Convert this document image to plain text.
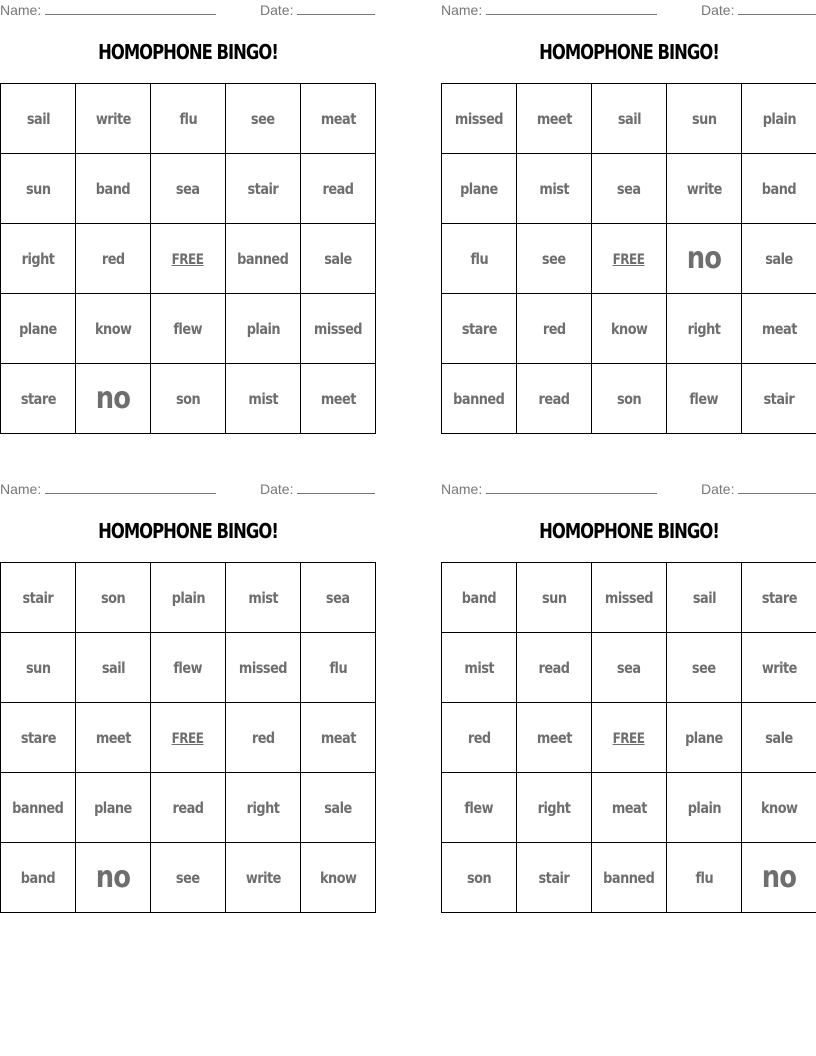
Name:	Date:
HOMOPHONE BINGO!
sail	write	flu	see	meat
sun	band	sea	stair	read
right	red	FREE	banned	sale
plane	know	flew	plain	missed
stare	no	son	mist	meet
Name:	Date:
HOMOPHONE BINGO!
missed	meet	sail	sun	plain
plane	mist	sea	write	band
flu	see	FREE	no	sale
stare	red	know	right	meat
banned	read	son	flew	stair
Name:	Date:
HOMOPHONE BINGO!
stair	son	plain	mist	sea
sun	sail	flew	missed	flu
stare	meet	FREE	red	meat
banned	plane	read	right	sale
band	no	see	write	know
Name:	Date:
HOMOPHONE BINGO!
band	sun	missed	sail	stare
mist	read	sea	see	write
red	meet	FREE	plane	sale
flew	right	meat	plain	know
son	stair	banned	flu	no
